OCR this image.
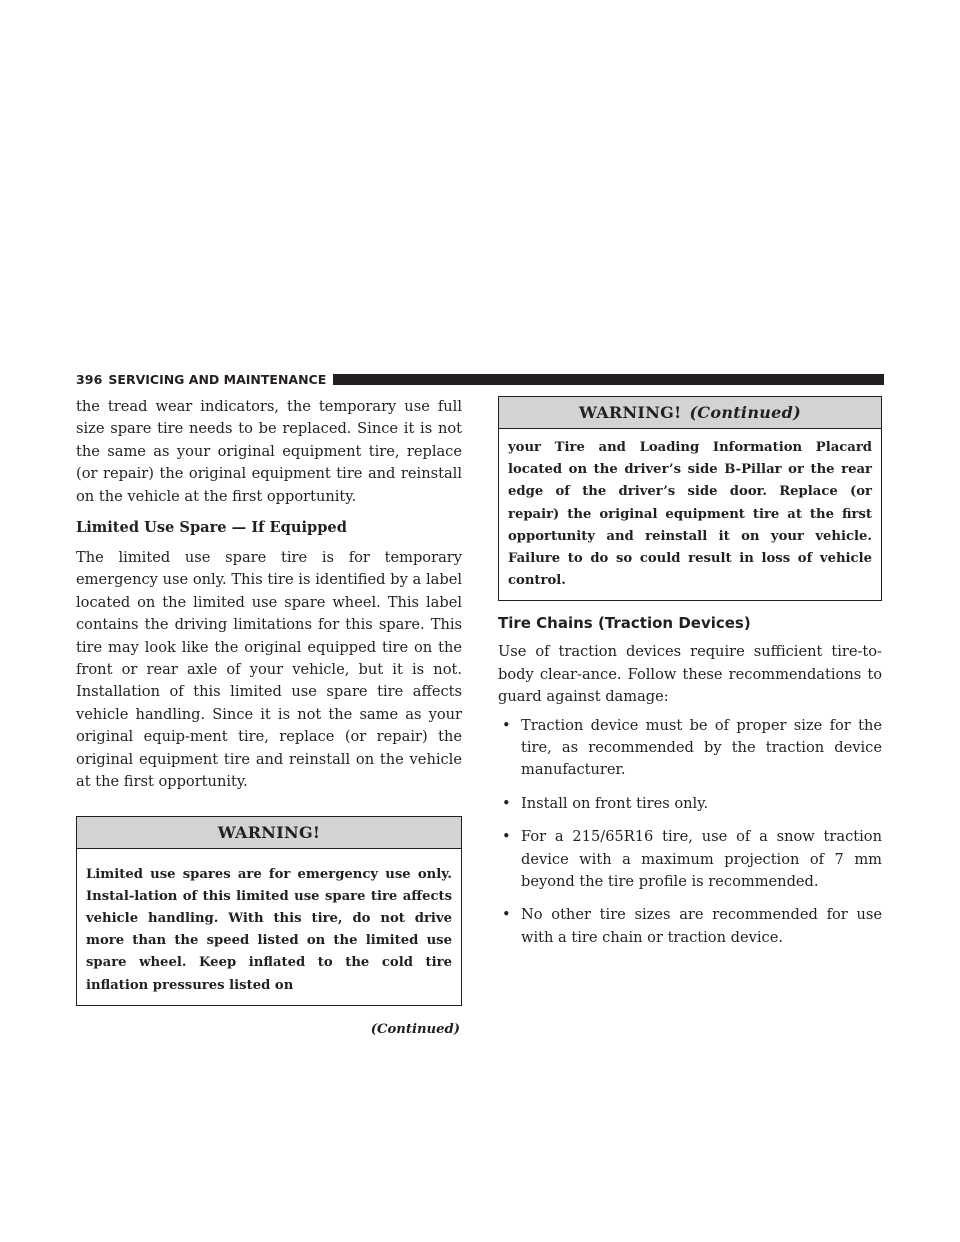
396 SERVICING AND MAINTENANCE

the tread wear indicators, the temporary use full size spare tire needs to be replaced. Since it is not the same as your original equipment tire, replace (or repair) the original equipment tire and reinstall on the vehicle at the first opportunity.

Limited Use Spare — If Equipped

The limited use spare tire is for temporary emergency use only. This tire is identified by a label located on the limited use spare wheel. This label contains the driving limitations for this spare. This tire may look like the original equipped tire on the front or rear axle of your vehicle, but it is not. Installation of this limited use spare tire affects vehicle handling. Since it is not the same as your original equip-ment tire, replace (or repair) the original equipment tire and reinstall on the vehicle at the first opportunity.

WARNING!
Limited use spares are for emergency use only. Instal-lation of this limited use spare tire affects vehicle handling. With this tire, do not drive more than the speed listed on the limited use spare wheel. Keep inflated to the cold tire inflation pressures listed on
(Continued)
WARNING! (Continued)
your Tire and Loading Information Placard located on the driver’s side B-Pillar or the rear edge of the driver’s side door. Replace (or repair) the original equipment tire at the first opportunity and reinstall it on your vehicle. Failure to do so could result in loss of vehicle control.
Tire Chains (Traction Devices)

Use of traction devices require sufficient tire-to-body clear-ance. Follow these recommendations to guard against damage:

• Traction device must be of proper size for the tire, as recommended by the traction device manufacturer.
• Install on front tires only.
• For a 215/65R16 tire, use of a snow traction device with a maximum projection of 7 mm beyond the tire profile is recommended.
• No other tire sizes are recommended for use with a tire chain or traction device.
